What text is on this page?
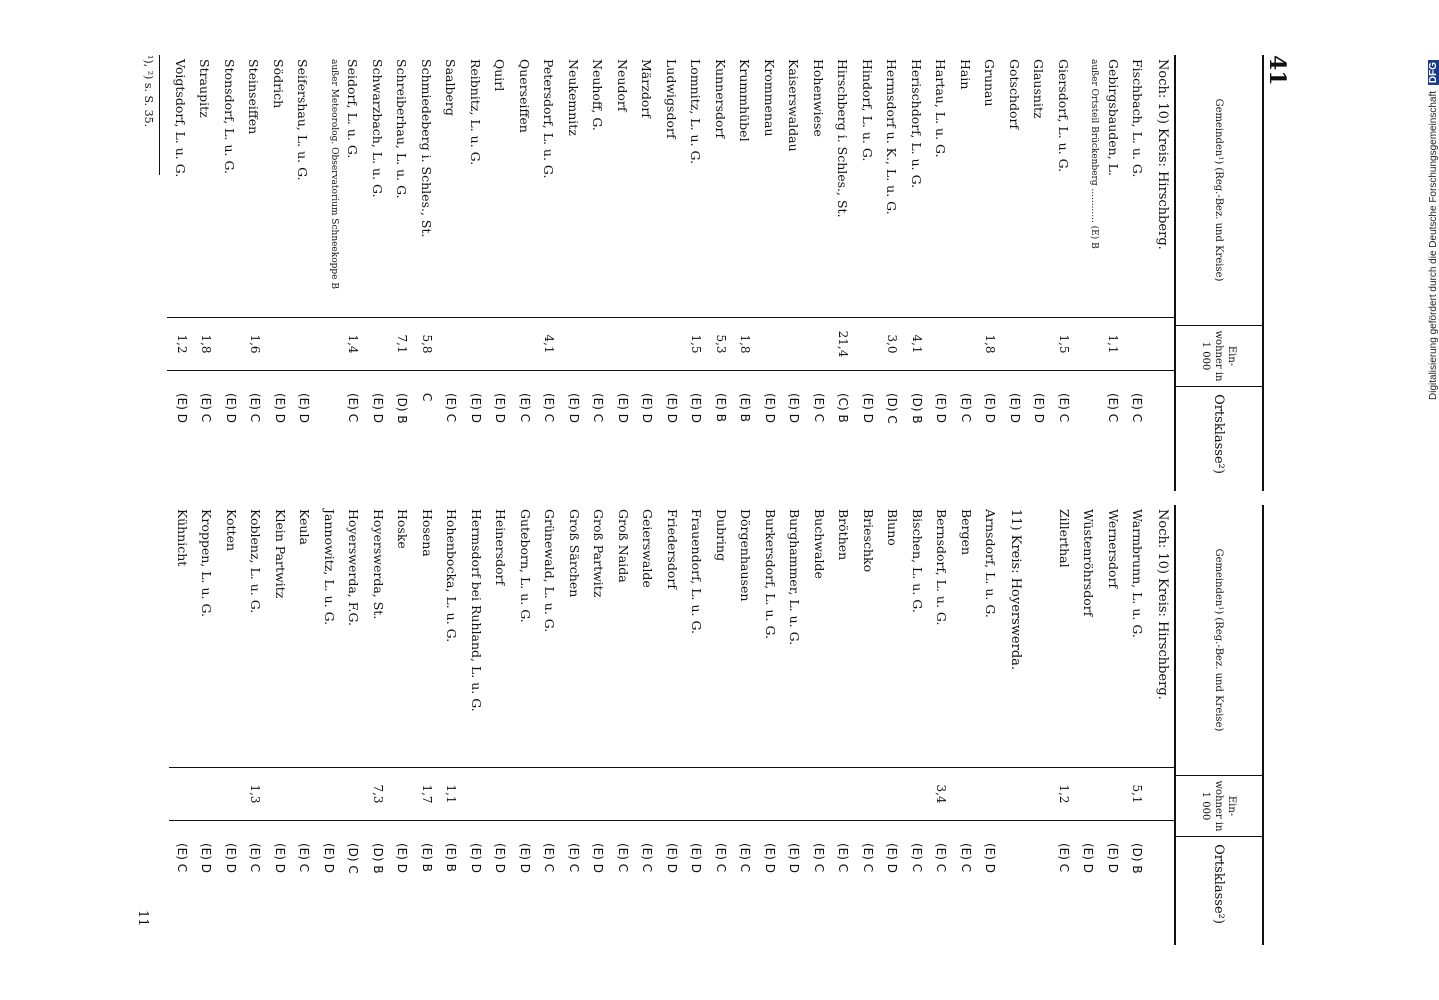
41
Gemeinden¹) (Reg.-Bez. und Kreise)
Ein-wohner in 1 000
Ortsklasse²)
Noch: 10) Kreis: Hirschberg.
Fischbach, L. u. G.
Gebirgsbauden, L.
außer Ortsteil Brückenberg ............ (E) B
Giersdorf, L. u. G.
Glausnitz
Gotschdorf
Grunau
Hain
Hartau, L. u. G.
Herischdorf, L. u. G.
Hermsdorf u. K., L. u. G.
Hindorf, L. u. G.
Hirschberg i. Schles., St.
Hohenwiese
Kaiserswaldau
Krommenau
Krummhübel
Kunnersdorf
Lomnitz, L. u. G.
Ludwigsdorf
Märzdorf
Neudorf
Neuhoff, G.
Neukemnitz
Petersdorf, L. u. G.
Querseiffen
Quirl
Reibnitz, L. u. G.
Saalberg
Schmiedeberg i. Schles., St.
Schreiberhau, L. u. G.
Schwarzbach, L. u. G.
Seidorf, L. u. G.
außer Meteorolog. Observatorium Schneekoppe B
Seifershau, L. u. G.
Södrich
Steinseiffen
Stonsdorf, L. u. G.
Straupitz
Voigtsdorf, L. u. G.
1,1
1,5
1,8
4,1
3,0
21,4
1,8
5,3
1,5
4,1
5,8
7,1
1,4
1,6
1,8
1,2
(E) C
(E) C
(E) C
(E) D
(E) D
(E) D
(E) C
(E) D
(D) B
(D) C
(E) D
(C) B
(E) C
(E) D
(E) D
(E) B
(E) B
(E) D
(E) D
(E) D
(E) D
(E) C
(E) D
(E) C
(E) C
(E) D
(E) D
(E) C
C
(D) B
(E) D
(E) C
(E) D
(E) D
(E) C
(E) D
(E) C
(E) D
Gemeinden¹) (Reg.-Bez. und Kreise)
Ein-wohner in 1 000
Ortsklasse²)
Noch: 10) Kreis: Hirschberg.
Warmbrunn, L. u. G.
Wernersdorf
Wüstenröhrsdorf
Zillerthal
11) Kreis: Hoyerswerda.
Arnsdorf, L. u. G.
Bergen
Bernsdorf, L. u. G.
Bischen, L. u. G.
Bluno
Brieschko
Bröthen
Buchwalde
Burghammer, L. u. G.
Burkersdorf, L. u. G.
Dörgenhausen
Dubring
Frauendorf, L. u. G.
Friedersdorf
Geierswalde
Groß Naida
Groß Partwitz
Groß Särchen
Grünewald, L. u. G.
Guteborn, L. u. G.
Heinersdorf
Hermsdorf bei Ruhland, L. u. G.
Hohenbocka, L. u. G.
Hosena
Hoske
Hoyerswerda, St.
Hoyerswerda, F.G.
Jannowitz, L. u. G.
Keula
Klein Partwitz
Koblenz, L. u. G.
Kotten
Kroppen, L. u. G.
Kühnicht
5,1
1,2
3,4
1,1
1,7
7,3
1,3
(D) B
(E) D
(E) D
(E) C
(E) D
(E) C
(E) C
(E) C
(E) D
(E) C
(E) C
(E) C
(E) D
(E) D
(E) C
(E) C
(E) D
(E) D
(E) C
(E) C
(E) D
(E) C
(E) C
(E) D
(E) D
(E) D
(E) B
(E) B
(E) D
(D) B
(D) C
(E) D
(E) C
(E) D
(E) C
(E) D
(E) D
(E) C
¹), ²) s. S. 35.
11
Digitalisierung gefördert durch die Deutsche Forschungsgemeinschaft DFG
